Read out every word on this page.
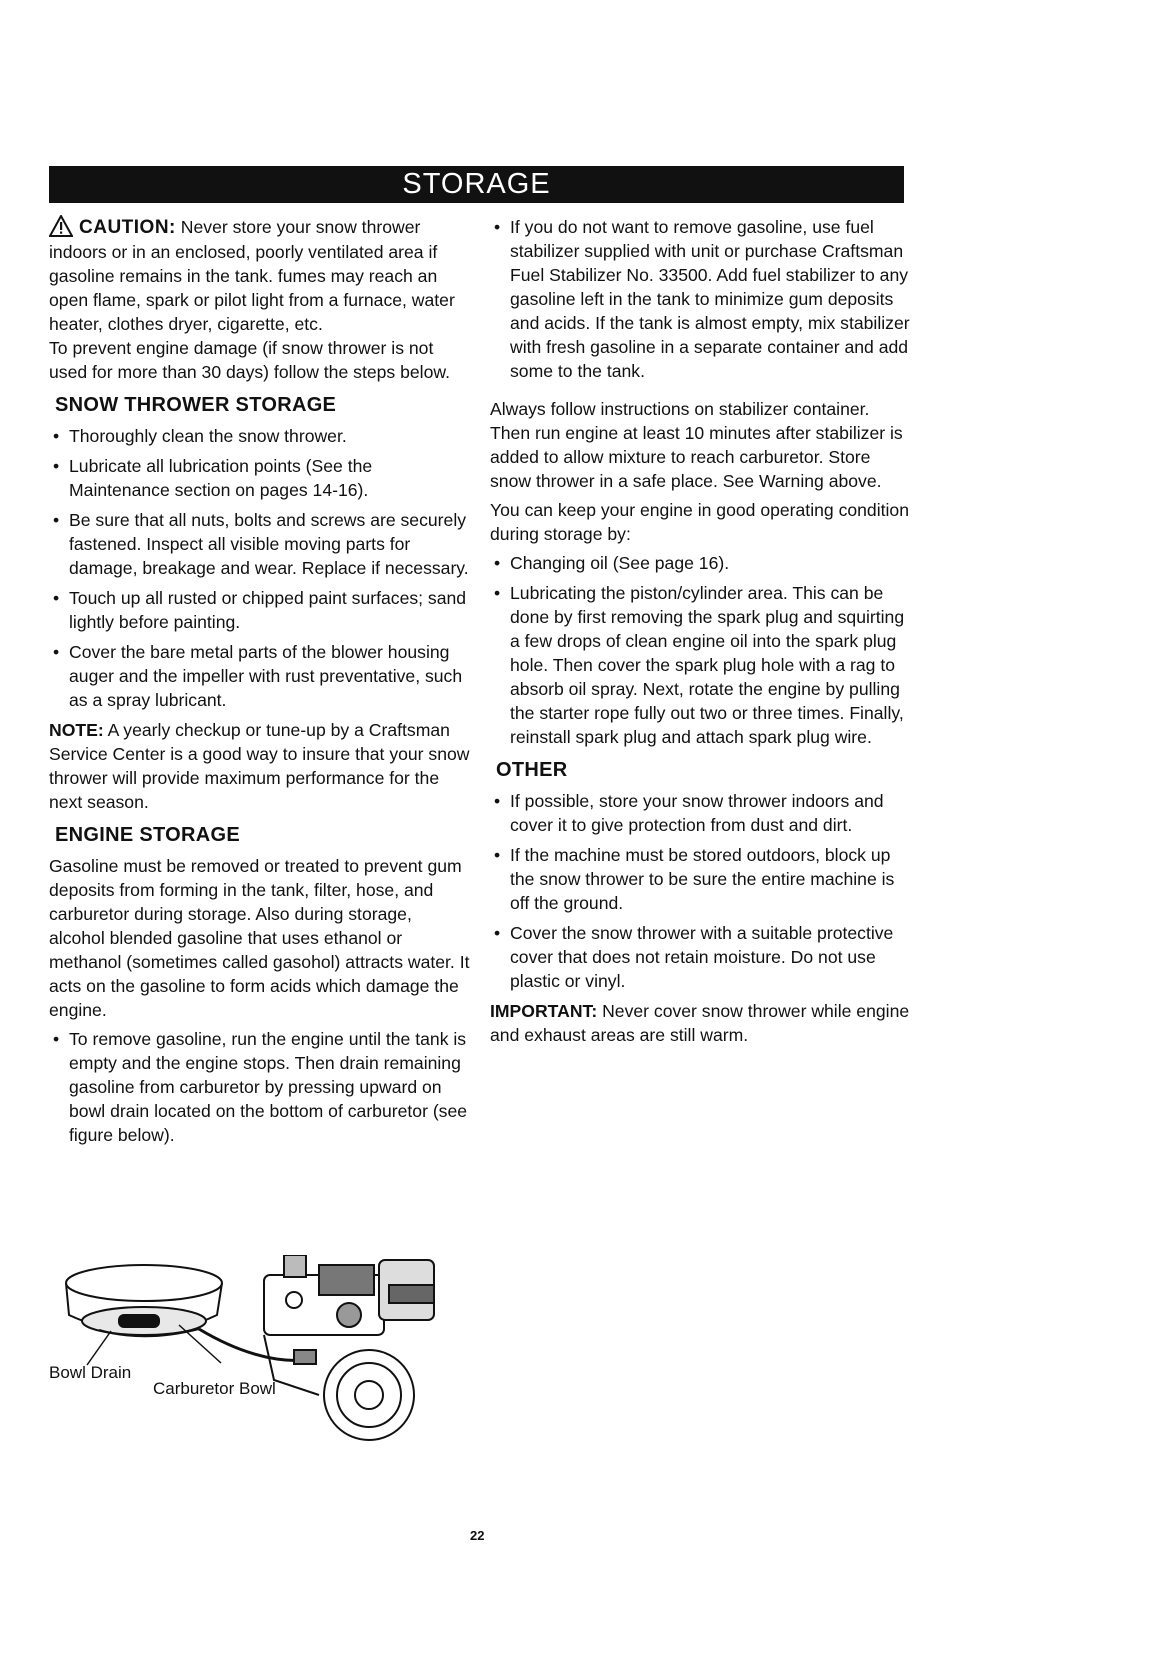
STORAGE

CAUTION: Never store your snow thrower indoors or in an enclosed, poorly ventilated area if gasoline remains in the tank. fumes may reach an open flame, spark or pilot light from a furnace, water heater, clothes dryer, cigarette, etc.

To prevent engine damage (if snow thrower is not used for more than 30 days) follow the steps below.

SNOW THROWER STORAGE
• Thoroughly clean the snow thrower.
• Lubricate all lubrication points (See the Maintenance section on pages 14-16).
• Be sure that all nuts, bolts and screws are securely fastened. Inspect all visible moving parts for damage, breakage and wear. Replace if necessary.
• Touch up all rusted or chipped paint surfaces; sand lightly before painting.
• Cover the bare metal parts of the blower housing auger and the impeller with rust preventative, such as a spray lubricant.

NOTE: A yearly checkup or tune-up by a Craftsman Service Center is a good way to insure that your snow thrower will provide maximum performance for the next season.

ENGINE STORAGE

Gasoline must be removed or treated to prevent gum deposits from forming in the tank, filter, hose, and carburetor during storage. Also during storage, alcohol blended gasoline that uses ethanol or methanol (sometimes called gasohol) attracts water. It acts on the gasoline to form acids which damage the engine.

• To remove gasoline, run the engine until the tank is empty and the engine stops. Then drain remaining gasoline from carburetor by pressing upward on bowl drain located on the bottom of carburetor (see figure below).
• If you do not want to remove gasoline, use fuel stabilizer supplied with unit or purchase Craftsman Fuel Stabilizer No. 33500. Add fuel stabilizer to any gasoline left in the tank to minimize gum deposits and acids. If the tank is almost empty, mix stabilizer with fresh gasoline in a separate container and add some to the tank.

Always follow instructions on stabilizer container. Then run engine at least 10 minutes after stabilizer is added to allow mixture to reach carburetor. Store snow thrower in a safe place. See Warning above.

You can keep your engine in good operating condition during storage by:

• Changing oil (See page 16).
• Lubricating the piston/cylinder area. This can be done by first removing the spark plug and squirting a few drops of clean engine oil into the spark plug hole. Then cover the spark plug hole with a rag to absorb oil spray. Next, rotate the engine by pulling the starter rope fully out two or three times. Finally, reinstall spark plug and attach spark plug wire.
OTHER
• If possible, store your snow thrower indoors and cover it to give protection from dust and dirt.
• If the machine must be stored outdoors, block up the snow thrower to be sure the entire machine is off the ground.
• Cover the snow thrower with a suitable protective cover that does not retain moisture. Do not use plastic or vinyl.

IMPORTANT: Never cover snow thrower while engine and exhaust areas are still warm.

Bowl Drain
Carburetor Bowl
22
